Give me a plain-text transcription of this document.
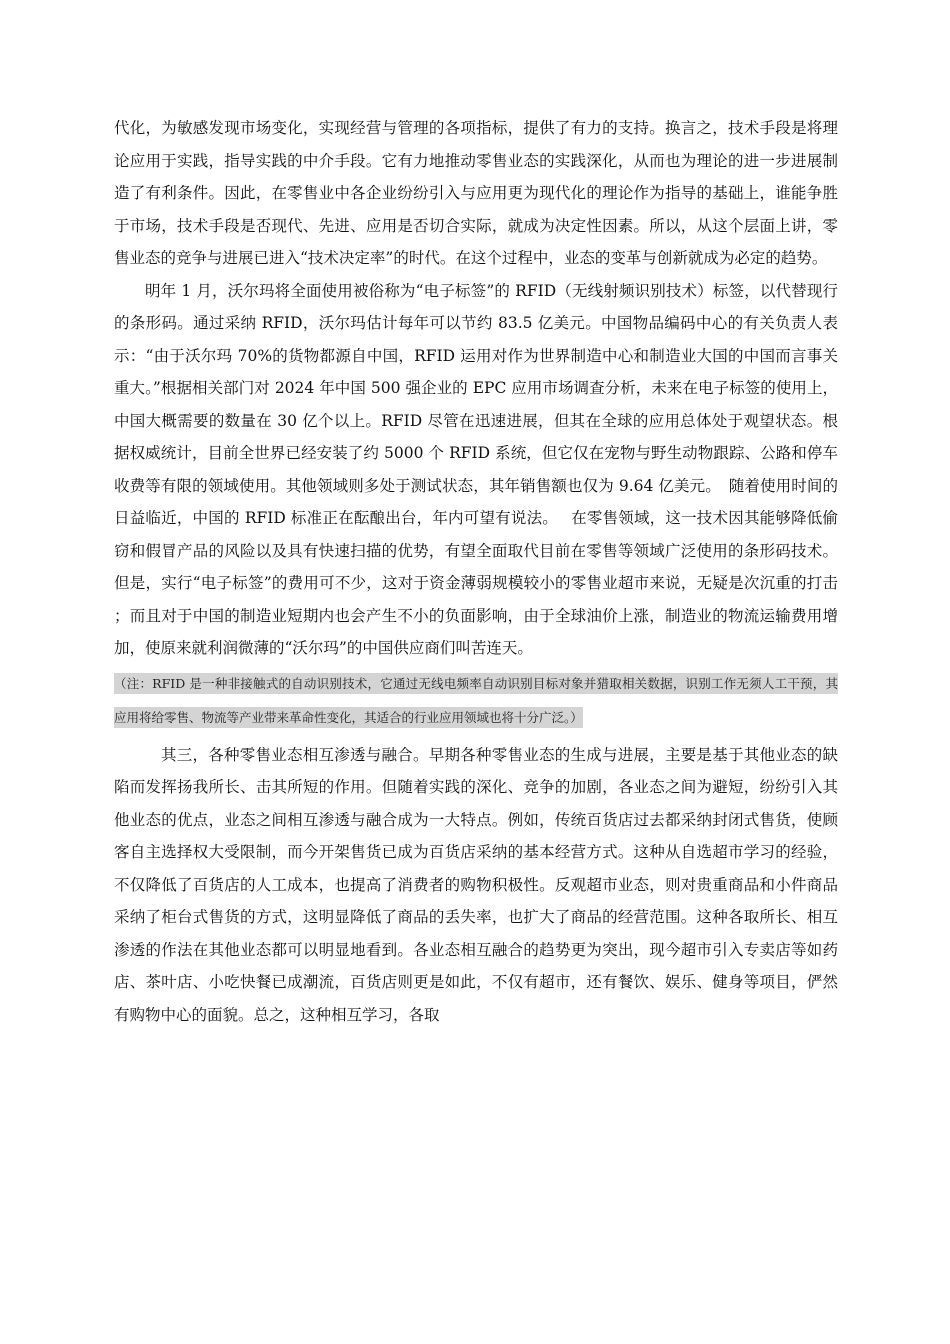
代化，为敏感发现市场变化，实现经营与管理的各项指标，提供了有力的支持。换言之，技术手段是将理论应用于实践，指导实践的中介手段。它有力地推动零售业态的实践深化，从而也为理论的进一步进展制造了有利条件。因此，在零售业中各企业纷纷引入与应用更为现代化的理论作为指导的基础上，谁能争胜于市场，技术手段是否现代、先进、应用是否切合实际，就成为决定性因素。所以，从这个层面上讲，零售业态的竞争与进展已进入“技术决定率”的时代。在这个过程中，业态的变革与创新就成为必定的趋势。

明年 1 月，沃尔玛将全面使用被俗称为“电子标签”的 RFID（无线射频识别技术）标签，以代替现行的条形码。通过采纳 RFID，沃尔玛估计每年可以节约 83.5 亿美元。中国物品编码中心的有关负责人表示：“由于沃尔玛 70%的货物都源自中国，RFID 运用对作为世界制造中心和制造业大国的中国而言事关重大。”根据相关部门对 2024 年中国 500 强企业的 EPC 应用市场调查分析，未来在电子标签的使用上，中国大概需要的数量在 30 亿个以上。RFID 尽管在迅速进展，但其在全球的应用总体处于观望状态。根据权威统计，目前全世界已经安装了约 5000 个 RFID 系统，但它仅在宠物与野生动物跟踪、公路和停车收费等有限的领域使用。其他领域则多处于测试状态，其年销售额也仅为 9.64 亿美元。　随着使用时间的日益临近，中国的 RFID 标准正在酝酿出台，年内可望有说法。　 在零售领域，这一技术因其能够降低偷窃和假冒产品的风险以及具有快速扫描的优势，有望全面取代目前在零售等领域广泛使用的条形码技术。但是，实行“电子标签”的费用可不少，这对于资金薄弱规模较小的零售业超市来说，无疑是次沉重的打击；而且对于中国的制造业短期内也会产生不小的负面影响，由于全球油价上涨，制造业的物流运输费用增加，使原来就利润微薄的“沃尔玛”的中国供应商们叫苦连天。

（注：RFID 是一种非接触式的自动识别技术，它通过无线电频率自动识别目标对象并猎取相关数据，识别工作无须人工干预，其应用将给零售、物流等产业带来革命性变化，其适合的行业应用领域也将十分广泛。）

其三，各种零售业态相互渗透与融合。早期各种零售业态的生成与进展，主要是基于其他业态的缺陷而发挥扬我所长、击其所短的作用。但随着实践的深化、竞争的加剧，各业态之间为避短，纷纷引入其他业态的优点，业态之间相互渗透与融合成为一大特点。例如，传统百货店过去都采纳封闭式售货，使顾客自主选择权大受限制，而今开架售货已成为百货店采纳的基本经营方式。这种从自选超市学习的经验，不仅降低了百货店的人工成本，也提高了消费者的购物积极性。反观超市业态，则对贵重商品和小件商品采纳了柜台式售货的方式，这明显降低了商品的丢失率，也扩大了商品的经营范围。这种各取所长、相互渗透的作法在其他业态都可以明显地看到。各业态相互融合的趋势更为突出，现今超市引入专卖店等如药店、茶叶店、小吃快餐已成潮流，百货店则更是如此，不仅有超市，还有餐饮、娱乐、健身等项目，俨然有购物中心的面貌。总之，这种相互学习，各取
